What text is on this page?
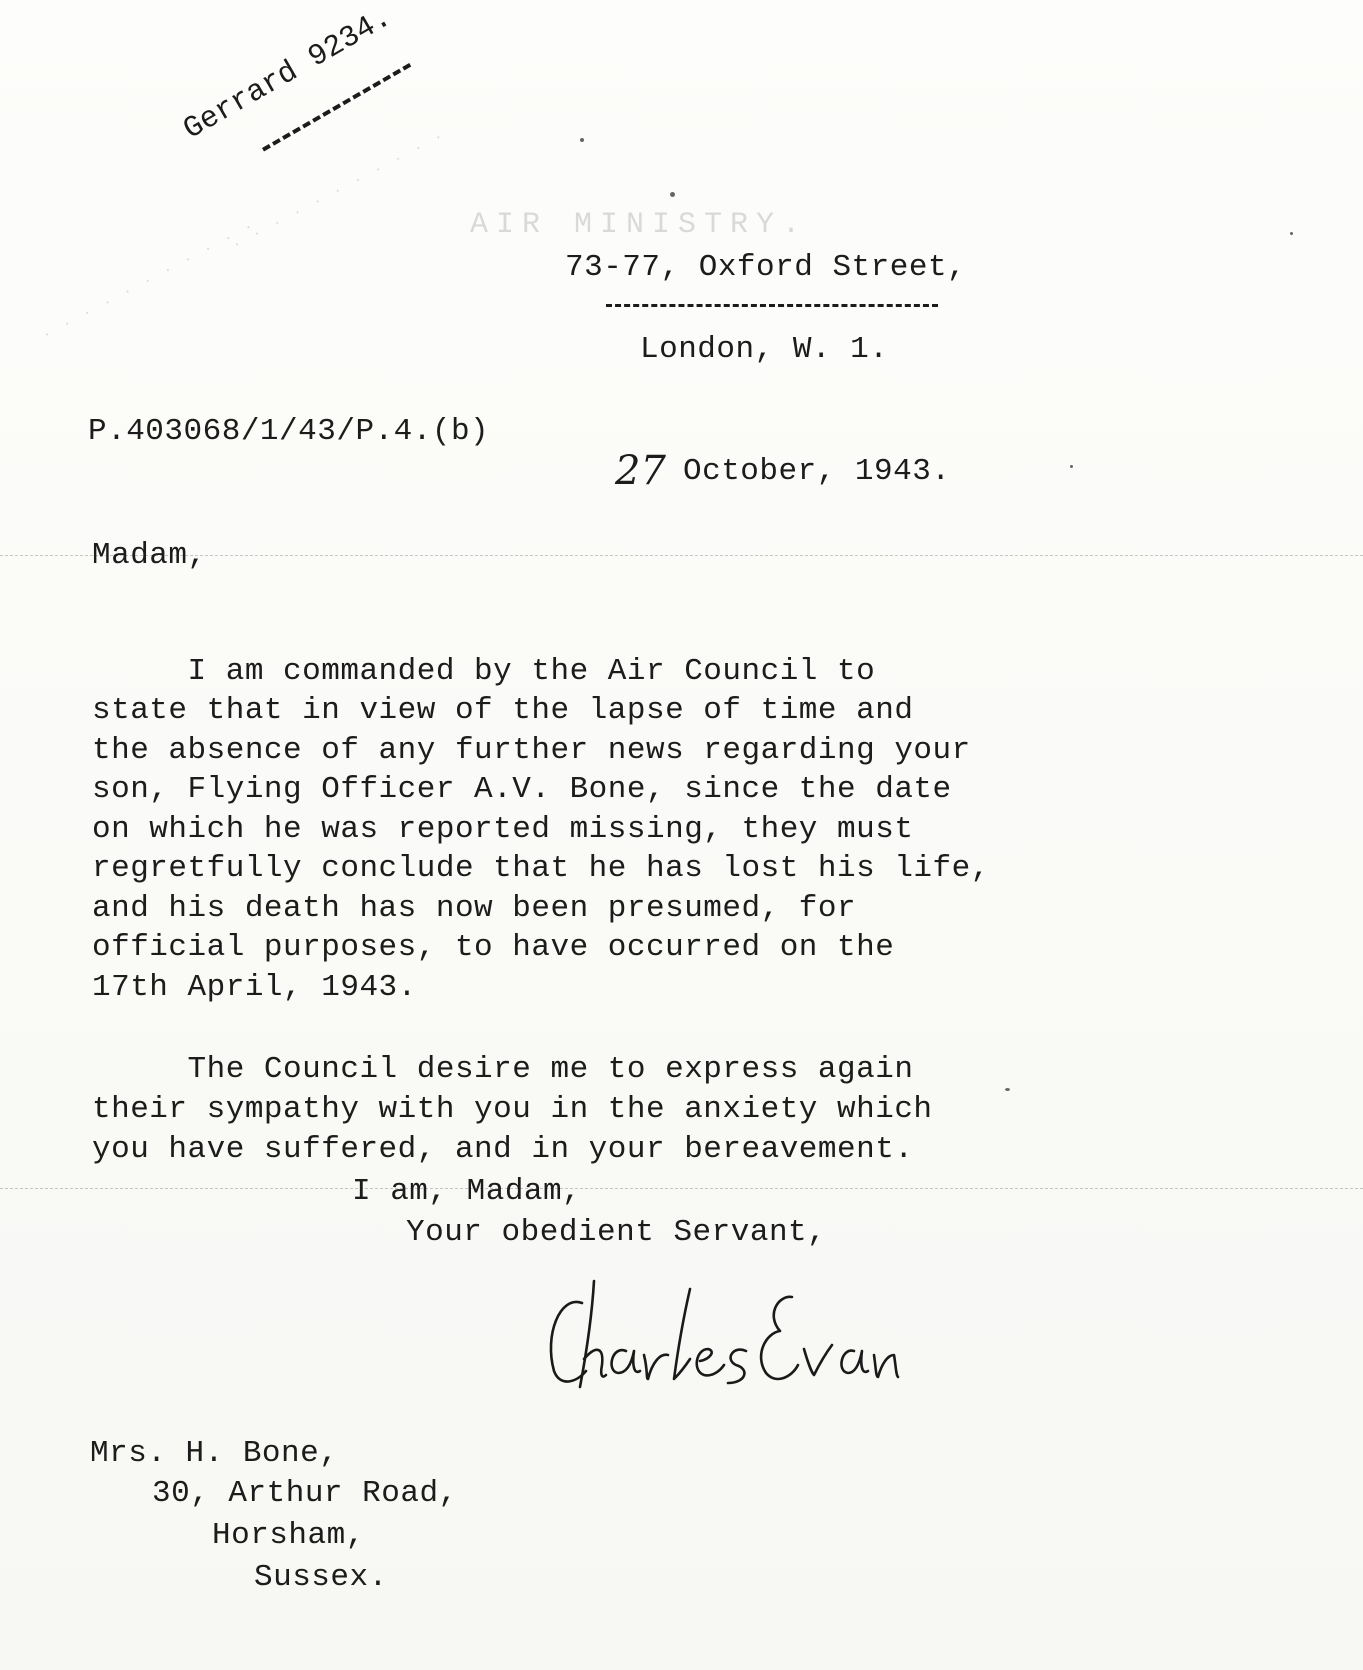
AIR MINISTRY.
· · · · · · · · · · ·
· · · · · · · · · · ·
Gerrard 9234.
73-77, Oxford Street,
London, W. 1.
P.403068/1/43/P.4.(b)
27 October, 1943.
Madam,

I am commanded by the Air Council to
state that in view of the lapse of time and
the absence of any further news regarding your
son, Flying Officer A.V. Bone, since the date
on which he was reported missing, they must
regretfully conclude that he has lost his life,
and his death has now been presumed, for
official purposes, to have occurred on the
17th April, 1943.

The Council desire me to express again
their sympathy with you in the anxiety which
you have suffered, and in your bereavement.

I am, Madam,
Your obedient Servant,
Mrs. H. Bone,
30, Arthur Road,
Horsham,
Sussex.
